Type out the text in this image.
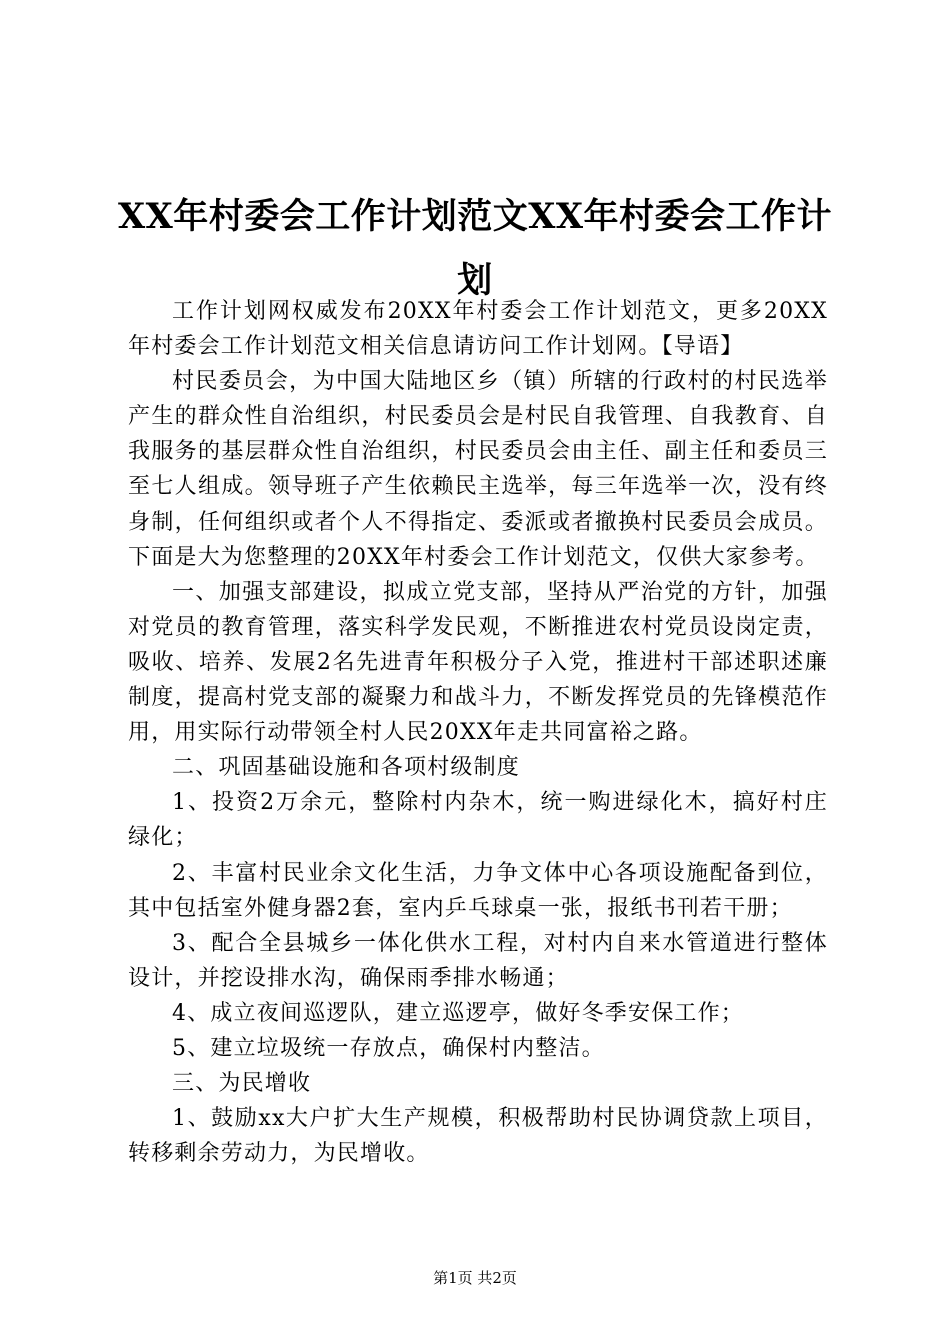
XX年村委会工作计划范文XX年村委会工作计划

工作计划网权威发布20XX年村委会工作计划范文，更多20XX年村委会工作计划范文相关信息请访问工作计划网。【导语】

村民委员会，为中国大陆地区乡（镇）所辖的行政村的村民选举产生的群众性自治组织，村民委员会是村民自我管理、自我教育、自我服务的基层群众性自治组织，村民委员会由主任、副主任和委员三至七人组成。领导班子产生依赖民主选举，每三年选举一次，没有终身制，任何组织或者个人不得指定、委派或者撤换村民委员会成员。下面是大为您整理的20XX年村委会工作计划范文，仅供大家参考。

一、加强支部建设，拟成立党支部，坚持从严治党的方针，加强对党员的教育管理，落实科学发民观，不断推进农村党员设岗定责，吸收、培养、发展2名先进青年积极分子入党，推进村干部述职述廉制度，提高村党支部的凝聚力和战斗力，不断发挥党员的先锋模范作用，用实际行动带领全村人民20XX年走共同富裕之路。

二、巩固基础设施和各项村级制度

1、投资2万余元，整除村内杂木，统一购进绿化木，搞好村庄绿化；

2、丰富村民业余文化生活，力争文体中心各项设施配备到位，其中包括室外健身器2套，室内乒乓球桌一张，报纸书刊若干册；

3、配合全县城乡一体化供水工程，对村内自来水管道进行整体设计，并挖设排水沟，确保雨季排水畅通；

4、成立夜间巡逻队，建立巡逻亭，做好冬季安保工作；

5、建立垃圾统一存放点，确保村内整洁。

三、为民增收

1、鼓励xx大户扩大生产规模，积极帮助村民协调贷款上项目，转移剩余劳动力，为民增收。

第1页 共2页
